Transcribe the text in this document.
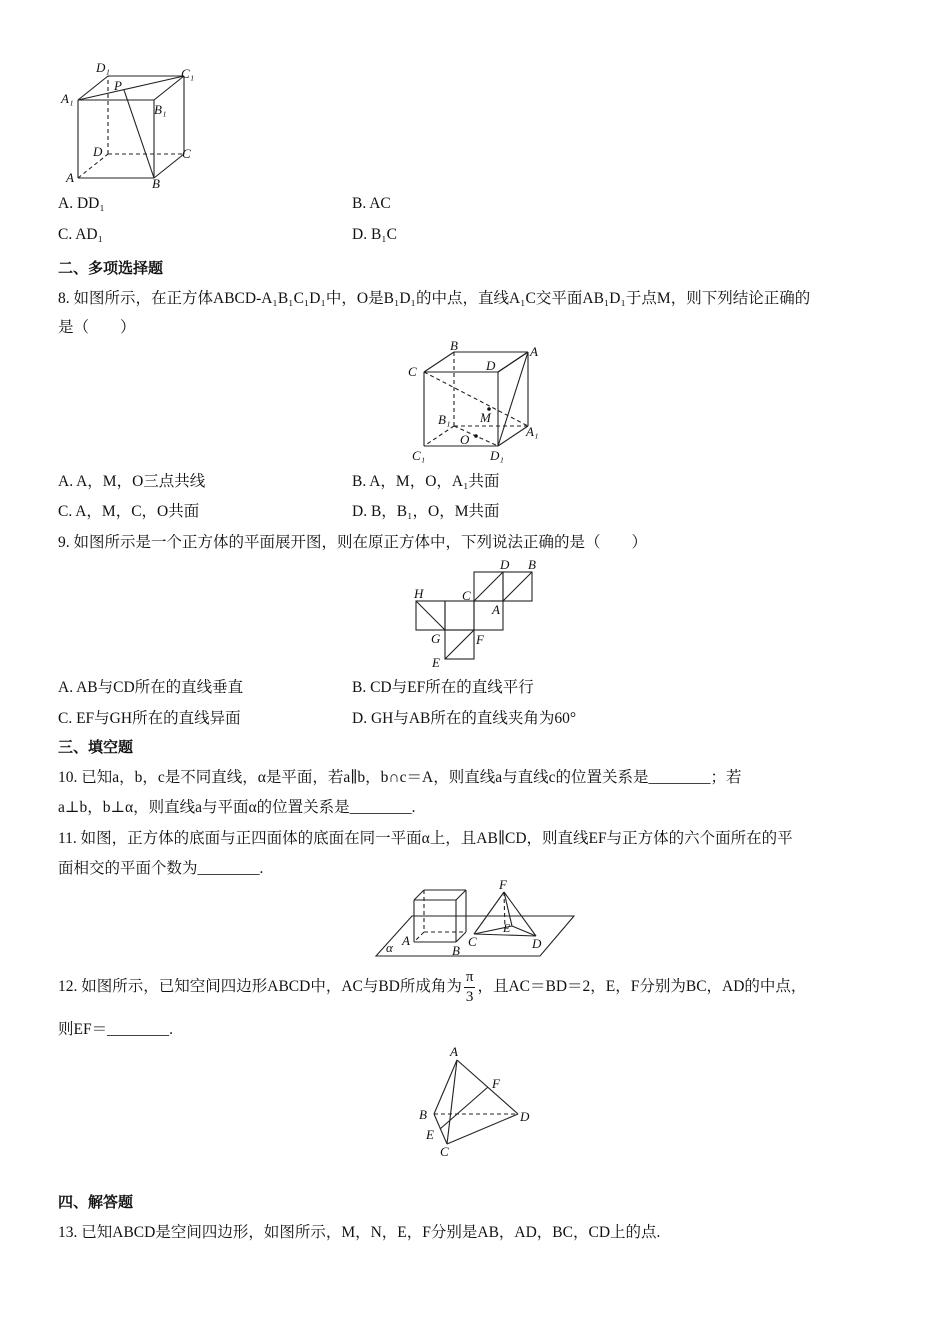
D₁	C₁
A₁
P
B₁
D	C
A	B
A. DD₁	B. AC
C. AD₁	D. B₁C
二、多项选择题
8. 如图所示，在正方体ABCD-A₁B₁C₁D₁中，O是B₁D₁的中点，直线A₁C交平面AB₁D₁于点M，则下列结论正确的
是（　　）
B	A
C	D
M
B₁
O
A₁
C₁	D₁
A. A，M，O三点共线	B. A，M，O，A₁共面
C. A，M，C，O共面	D. B，B₁，O，M共面
9. 如图所示是一个正方体的平面展开图，则在原正方体中，下列说法正确的是（　　）
D B
H	C
A
G	F
E
A. AB与CD所在的直线垂直	B. CD与EF所在的直线平行
C. EF与GH所在的直线异面	D. GH与AB所在的直线夹角为60°
三、填空题
10. 已知a，b，c是不同直线，α是平面，若a∥b，b∩c＝A，则直线a与直线c的位置关系是________；若
a⊥b，b⊥α，则直线a与平面α的位置关系是________.
11. 如图，正方体的底面与正四面体的底面在同一平面α上，且AB∥CD，则直线EF与正方体的六个面所在的平
面相交的平面个数为________.
F
E
A
B
C	D
α
12. 如图所示，已知空间四边形ABCD中，AC与BD所成角为 $\frac{\pi}{3}$ ，且AC＝BD＝2，E，F分别为BC，AD的中点，
则EF＝________.
A
F
B	D
E
C
四、解答题
13. 已知ABCD是空间四边形，如图所示，M，N，E，F分别是AB，AD，BC，CD上的点.
